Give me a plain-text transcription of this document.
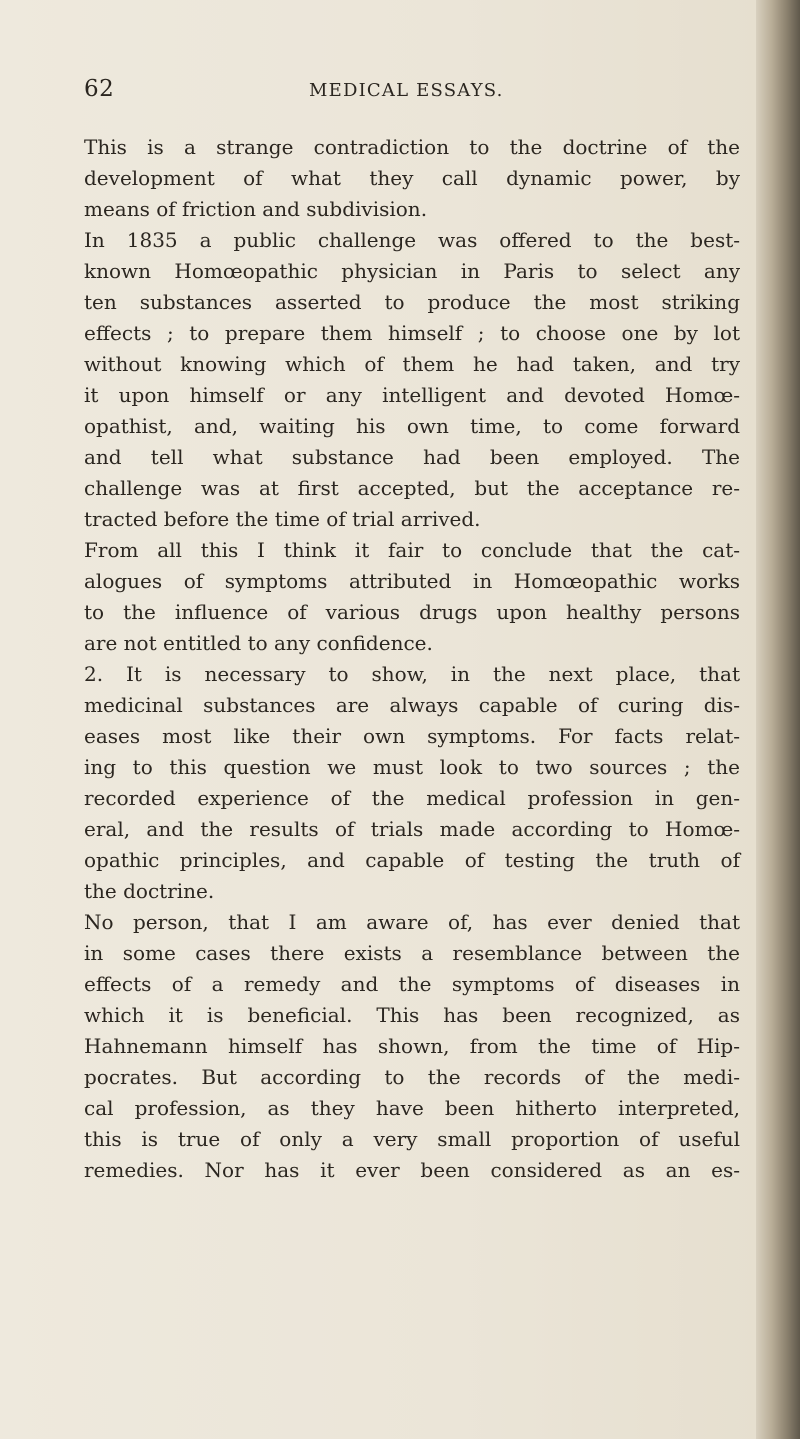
62	MEDICAL ESSAYS.
This is a strange contradiction to the doctrine of the
development of what they call dynamic power, by
means of friction and subdivision.
In 1835 a public challenge was offered to the best-
known Homœopathic physician in Paris to select any
ten substances asserted to produce the most striking
effects ; to prepare them himself ; to choose one by lot
without knowing which of them he had taken, and try
it upon himself or any intelligent and devoted Homœ-
opathist, and, waiting his own time, to come forward
and tell what substance had been employed. The
challenge was at first accepted, but the acceptance re-
tracted before the time of trial arrived.
From all this I think it fair to conclude that the cat-
alogues of symptoms attributed in Homœopathic works
to the influence of various drugs upon healthy persons
are not entitled to any confidence.
2. It is necessary to show, in the next place, that
medicinal substances are always capable of curing dis-
eases most like their own symptoms. For facts relat-
ing to this question we must look to two sources ; the
recorded experience of the medical profession in gen-
eral, and the results of trials made according to Homœ-
opathic principles, and capable of testing the truth of
the doctrine.
No person, that I am aware of, has ever denied that
in some cases there exists a resemblance between the
effects of a remedy and the symptoms of diseases in
which it is beneficial. This has been recognized, as
Hahnemann himself has shown, from the time of Hip-
pocrates. But according to the records of the medi-
cal profession, as they have been hitherto interpreted,
this is true of only a very small proportion of useful
remedies. Nor has it ever been considered as an es-
